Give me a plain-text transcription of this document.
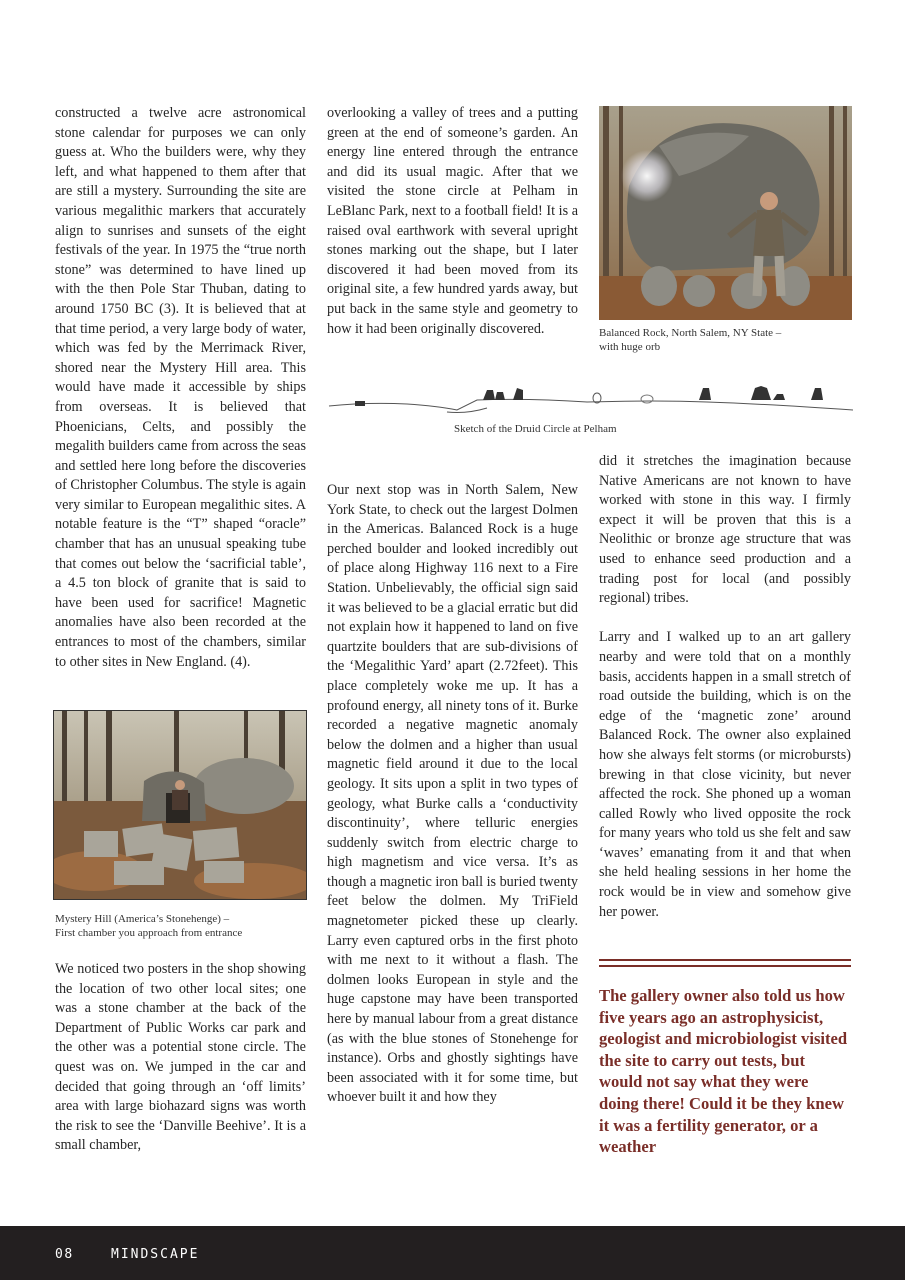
constructed a twelve acre astronomical stone calendar for purposes we can only guess at. Who the builders were, why they left, and what happened to them after that are still a mystery. Surrounding the site are various megalithic markers that accurately align to sunrises and sunsets of the eight festivals of the year. In 1975 the “true north stone” was determined to have lined up with the then Pole Star Thuban, dating to around 1750 BC (3). It is believed that at that time period, a very large body of water, which was fed by the Merrimack River, shored near the Mystery Hill area. This would have made it accessible by ships from overseas. It is believed that Phoenicians, Celts, and possibly the megalith builders came from across the seas and settled here long before the discoveries of Christopher Columbus. The style is again very similar to European megalithic sites. A notable feature is the “T” shaped “oracle” chamber that has an unusual speaking tube that comes out below the ‘sacrificial table’, a 4.5 ton block of granite that is said to have been used for sacrifice! Magnetic anomalies have also been recorded at the entrances to most of the chambers, similar to other sites in New England. (4).

Mystery Hill (America’s Stonehenge) –
First chamber you approach from entrance

We noticed two posters in the shop showing the location of two other local sites; one was a stone chamber at the back of the Department of Public Works car park and the other was a potential stone circle. The quest was on. We jumped in the car and decided that going through an ‘off limits’ area with large biohazard signs was worth the risk to see the ‘Danville Beehive’. It is a small chamber,

overlooking a valley of trees and a putting green at the end of someone’s garden. An energy line entered through the entrance and did its usual magic. After that we visited the stone circle at Pelham in LeBlanc Park, next to a football field! It is a raised oval earthwork with several upright stones marking out the shape, but I later discovered it had been moved from its original site, a few hundred yards away, but put back in the same style and geometry to how it had been originally discovered.

Our next stop was in North Salem, New York State, to check out the largest Dolmen in the Americas. Balanced Rock is a huge perched boulder and looked incredibly out of place along Highway 116 next to a Fire Station. Unbelievably, the official sign said it was believed to be a glacial erratic but did not explain how it happened to land on five quartzite boulders that are sub-divisions of the ‘Megalithic Yard’ apart (2.72feet). This place completely woke me up. It has a profound energy, all ninety tons of it. Burke recorded a negative magnetic anomaly below the dolmen and a higher than usual magnetic field around it due to the local geology. It sits upon a split in two types of geology, what Burke calls a ‘conductivity discontinuity’, where telluric energies suddenly switch from electric charge to high magnetism and vice versa. It’s as though a magnetic iron ball is buried twenty feet below the dolmen. My TriField magnetometer picked these up clearly. Larry even captured orbs in the first photo with me next to it without a flash. The dolmen looks European in style and the huge capstone may have been transported here by manual labour from a great distance (as with the blue stones of Stonehenge for instance). Orbs and ghostly sightings have been associated with it for some time, but whoever built it and how they

Balanced Rock, North Salem, NY State –
with huge orb
Sketch of the Druid Circle at Pelham

did it stretches the imagination because Native Americans are not known to have worked with stone in this way. I firmly expect it will be proven that this is a Neolithic or bronze age structure that was used to enhance seed production and a trading post for local (and possibly regional) tribes.

Larry and I walked up to an art gallery nearby and were told that on a monthly basis, accidents happen in a small stretch of road outside the building, which is on the edge of the ‘magnetic zone’ around Balanced Rock. The owner also explained how she always felt storms (or microbursts) brewing in that close vicinity, but never affected the rock. She phoned up a woman called Rowly who lived opposite the rock for many years who told us she felt and saw ‘waves’ emanating from it and that when she held healing sessions in her home the rock would be in view and somehow give her power.

The gallery owner also told us how five years ago an astrophysicist, geologist and microbiologist visited the site to carry out tests, but would not say what they were doing there! Could it be they knew it was a fertility generator, or a weather
08	MINDSCAPE
